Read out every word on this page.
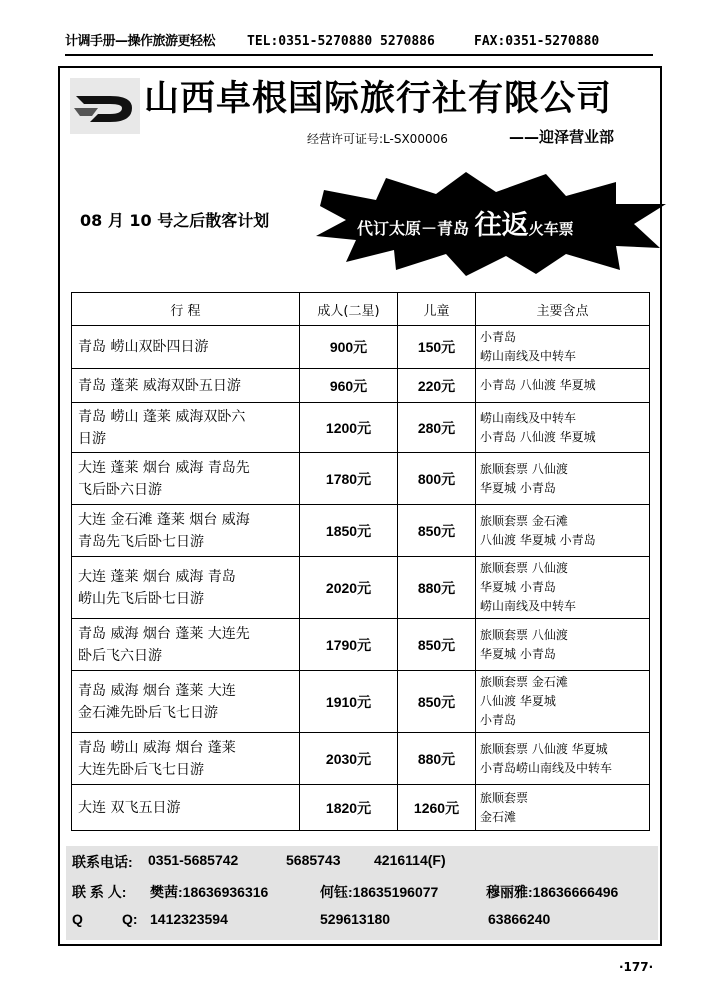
计调手册—操作旅游更轻松 TEL:0351-5270880 5270886	FAX:0351-5270880
山西卓根国际旅行社有限公司
经营许可证号:L-SX00006	——迎泽营业部
08 月 10 号之后散客计划	代订太原－青岛 往返火车票
行 程	成人(二星)	儿童	主要含点

青岛 崂山双卧四日游	900元	150元	小青岛
崂山南线及中转车

青岛 蓬莱 威海双卧五日游	960元	220元	小青岛 八仙渡 华夏城

青岛 崂山 蓬莱 威海双卧六
日游	1200元	280元	崂山南线及中转车
小青岛 八仙渡 华夏城

大连 蓬莱 烟台 威海 青岛先
飞后卧六日游	1780元	800元	旅顺套票 八仙渡
华夏城 小青岛

大连 金石滩 蓬莱 烟台 威海
青岛先飞后卧七日游	1850元	850元	旅顺套票 金石滩
八仙渡 华夏城 小青岛

大连 蓬莱 烟台 威海 青岛
崂山先飞后卧七日游	2020元	880元	旅顺套票 八仙渡
华夏城 小青岛
崂山南线及中转车

青岛 威海 烟台 蓬莱 大连先
卧后飞六日游	1790元	850元	旅顺套票 八仙渡
华夏城 小青岛

青岛 威海 烟台 蓬莱 大连
金石滩先卧后飞七日游	1910元	850元	旅顺套票 金石滩
八仙渡 华夏城
小青岛

青岛 崂山 威海 烟台 蓬莱
大连先卧后飞七日游	2030元	880元	旅顺套票 八仙渡 华夏城
小青岛崂山南线及中转车

大连 双飞五日游	1820元	1260元	旅顺套票
金石滩
联系电话: 0351-5685742	5685743 4216114(F)
联 系 人: 樊茜:18636936316	何钰:18635196077	穆丽雅:18636666496
Q	Q: 1412323594	529613180	63866240
·177·
